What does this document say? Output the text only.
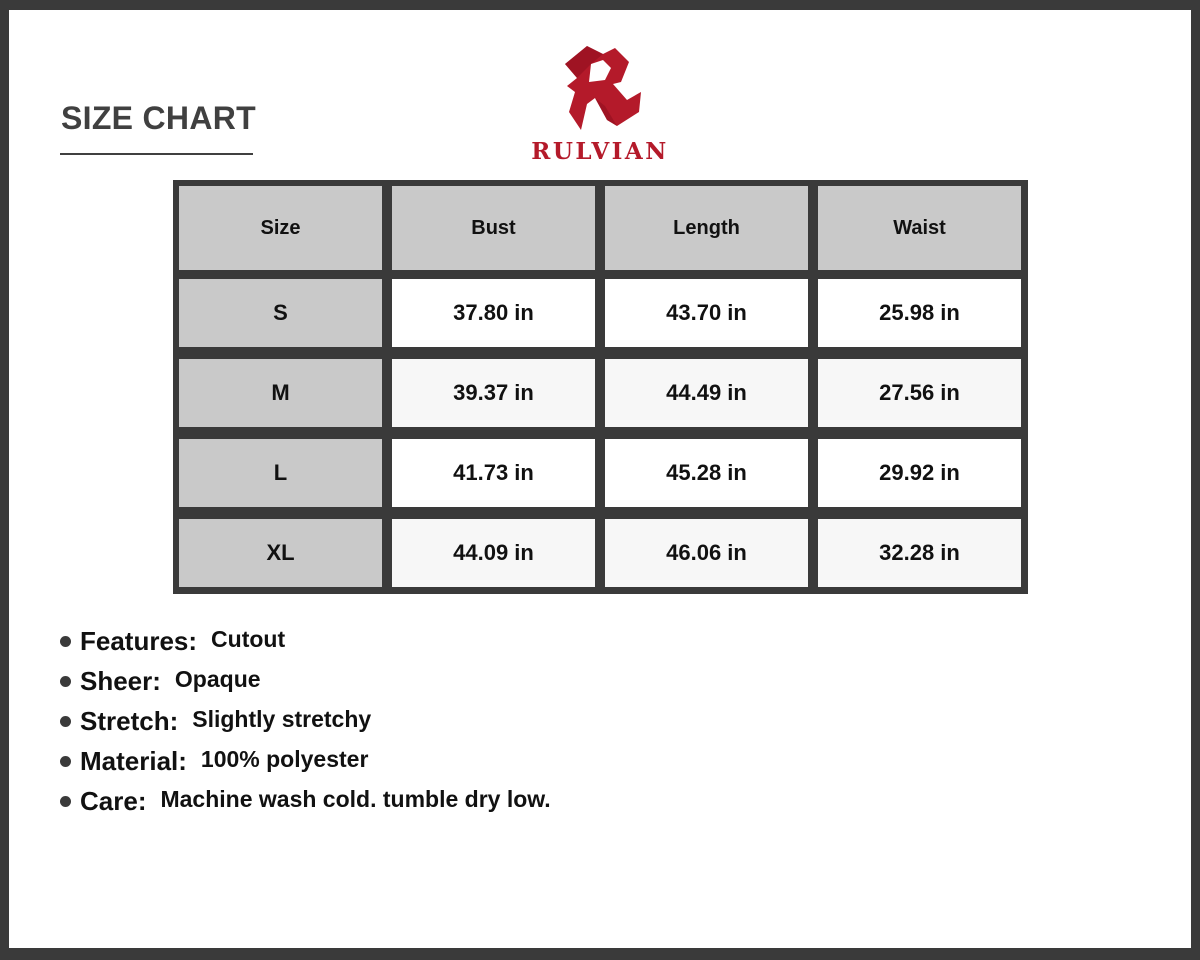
SIZE CHART
RULVIAN
Size	Bust	Length	Waist
S	37.80 in	43.70 in	25.98 in
M	39.37 in	44.49 in	27.56 in
L	41.73 in	45.28 in	29.92 in
XL	44.09 in	46.06 in	32.28 in
Features: Cutout
Sheer: Opaque
Stretch: Slightly stretchy
Material: 100% polyester
Care: Machine wash cold. tumble dry low.
